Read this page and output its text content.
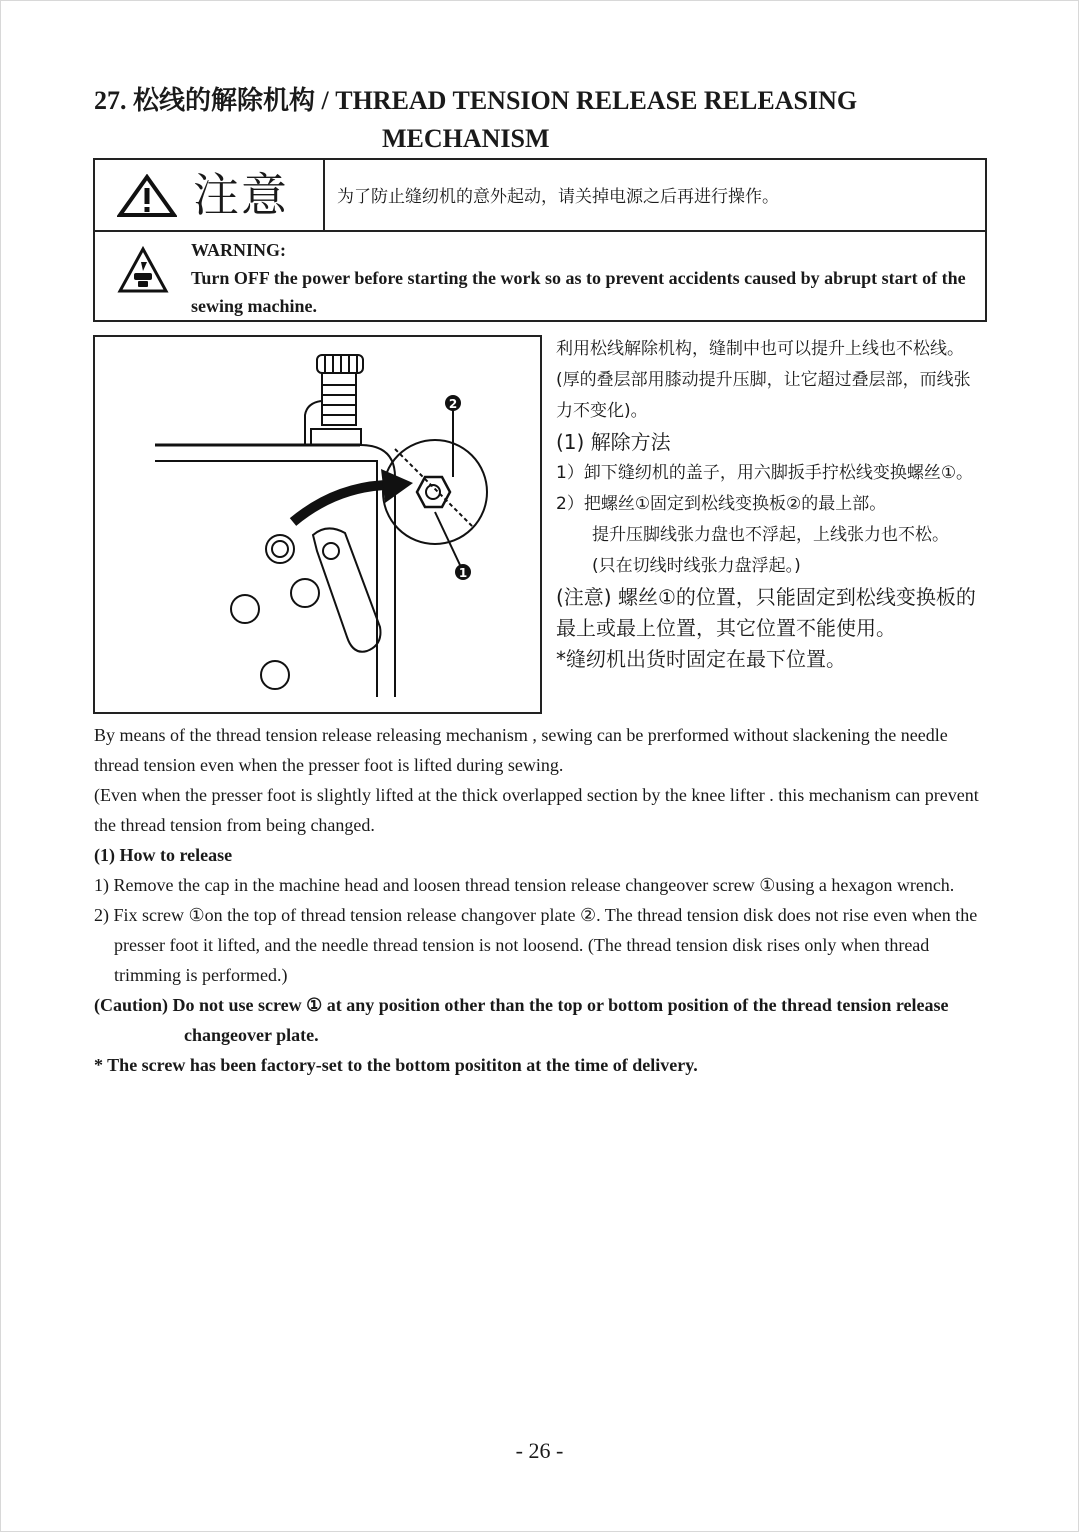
27. 松线的解除机构 / THREAD TENSION RELEASE RELEASING
MECHANISM
注意	为了防止缝纫机的意外起动，请关掉电源之后再进行操作。
WARNING:
Turn OFF the power before starting the work so as to prevent accidents caused by abrupt start of the sewing machine.
2
1

利用松线解除机构，缝制中也可以提升上线也不松线。(厚的叠层部用膝动提升压脚，让它超过叠层部，而线张力不变化)。

(1) 解除方法

1）卸下缝纫机的盖子，用六脚扳手拧松线变换螺丝①。

2）把螺丝①固定到松线变换板②的最上部。

提升压脚线张力盘也不浮起，上线张力也不松。

(只在切线时线张力盘浮起。)

(注意) 螺丝①的位置，只能固定到松线变换板的最上或最上位置，其它位置不能使用。

*缝纫机出货时固定在最下位置。

By means of the thread tension release releasing mechanism , sewing can be prerformed without slackening the needle thread tension even when the presser foot is lifted during sewing.

(Even when the presser foot is slightly lifted at the thick overlapped section by the knee lifter . this mechanism can prevent the thread tension from being changed.

(1) How to release

1) Remove the cap in the machine head and loosen thread tension release changeover screw ①using a hexagon wrench.

2) Fix screw ①on the top of thread tension release changover plate ②. The thread tension disk does not rise even when the presser foot it lifted, and the needle thread tension is not loosend. (The thread tension disk rises only when thread trimming is performed.)

(Caution) Do not use screw ① at any position other than the top or bottom position of the thread tension release changeover plate.

* The screw has been factory-set to the bottom posititon at the time of delivery.

- 26 -
